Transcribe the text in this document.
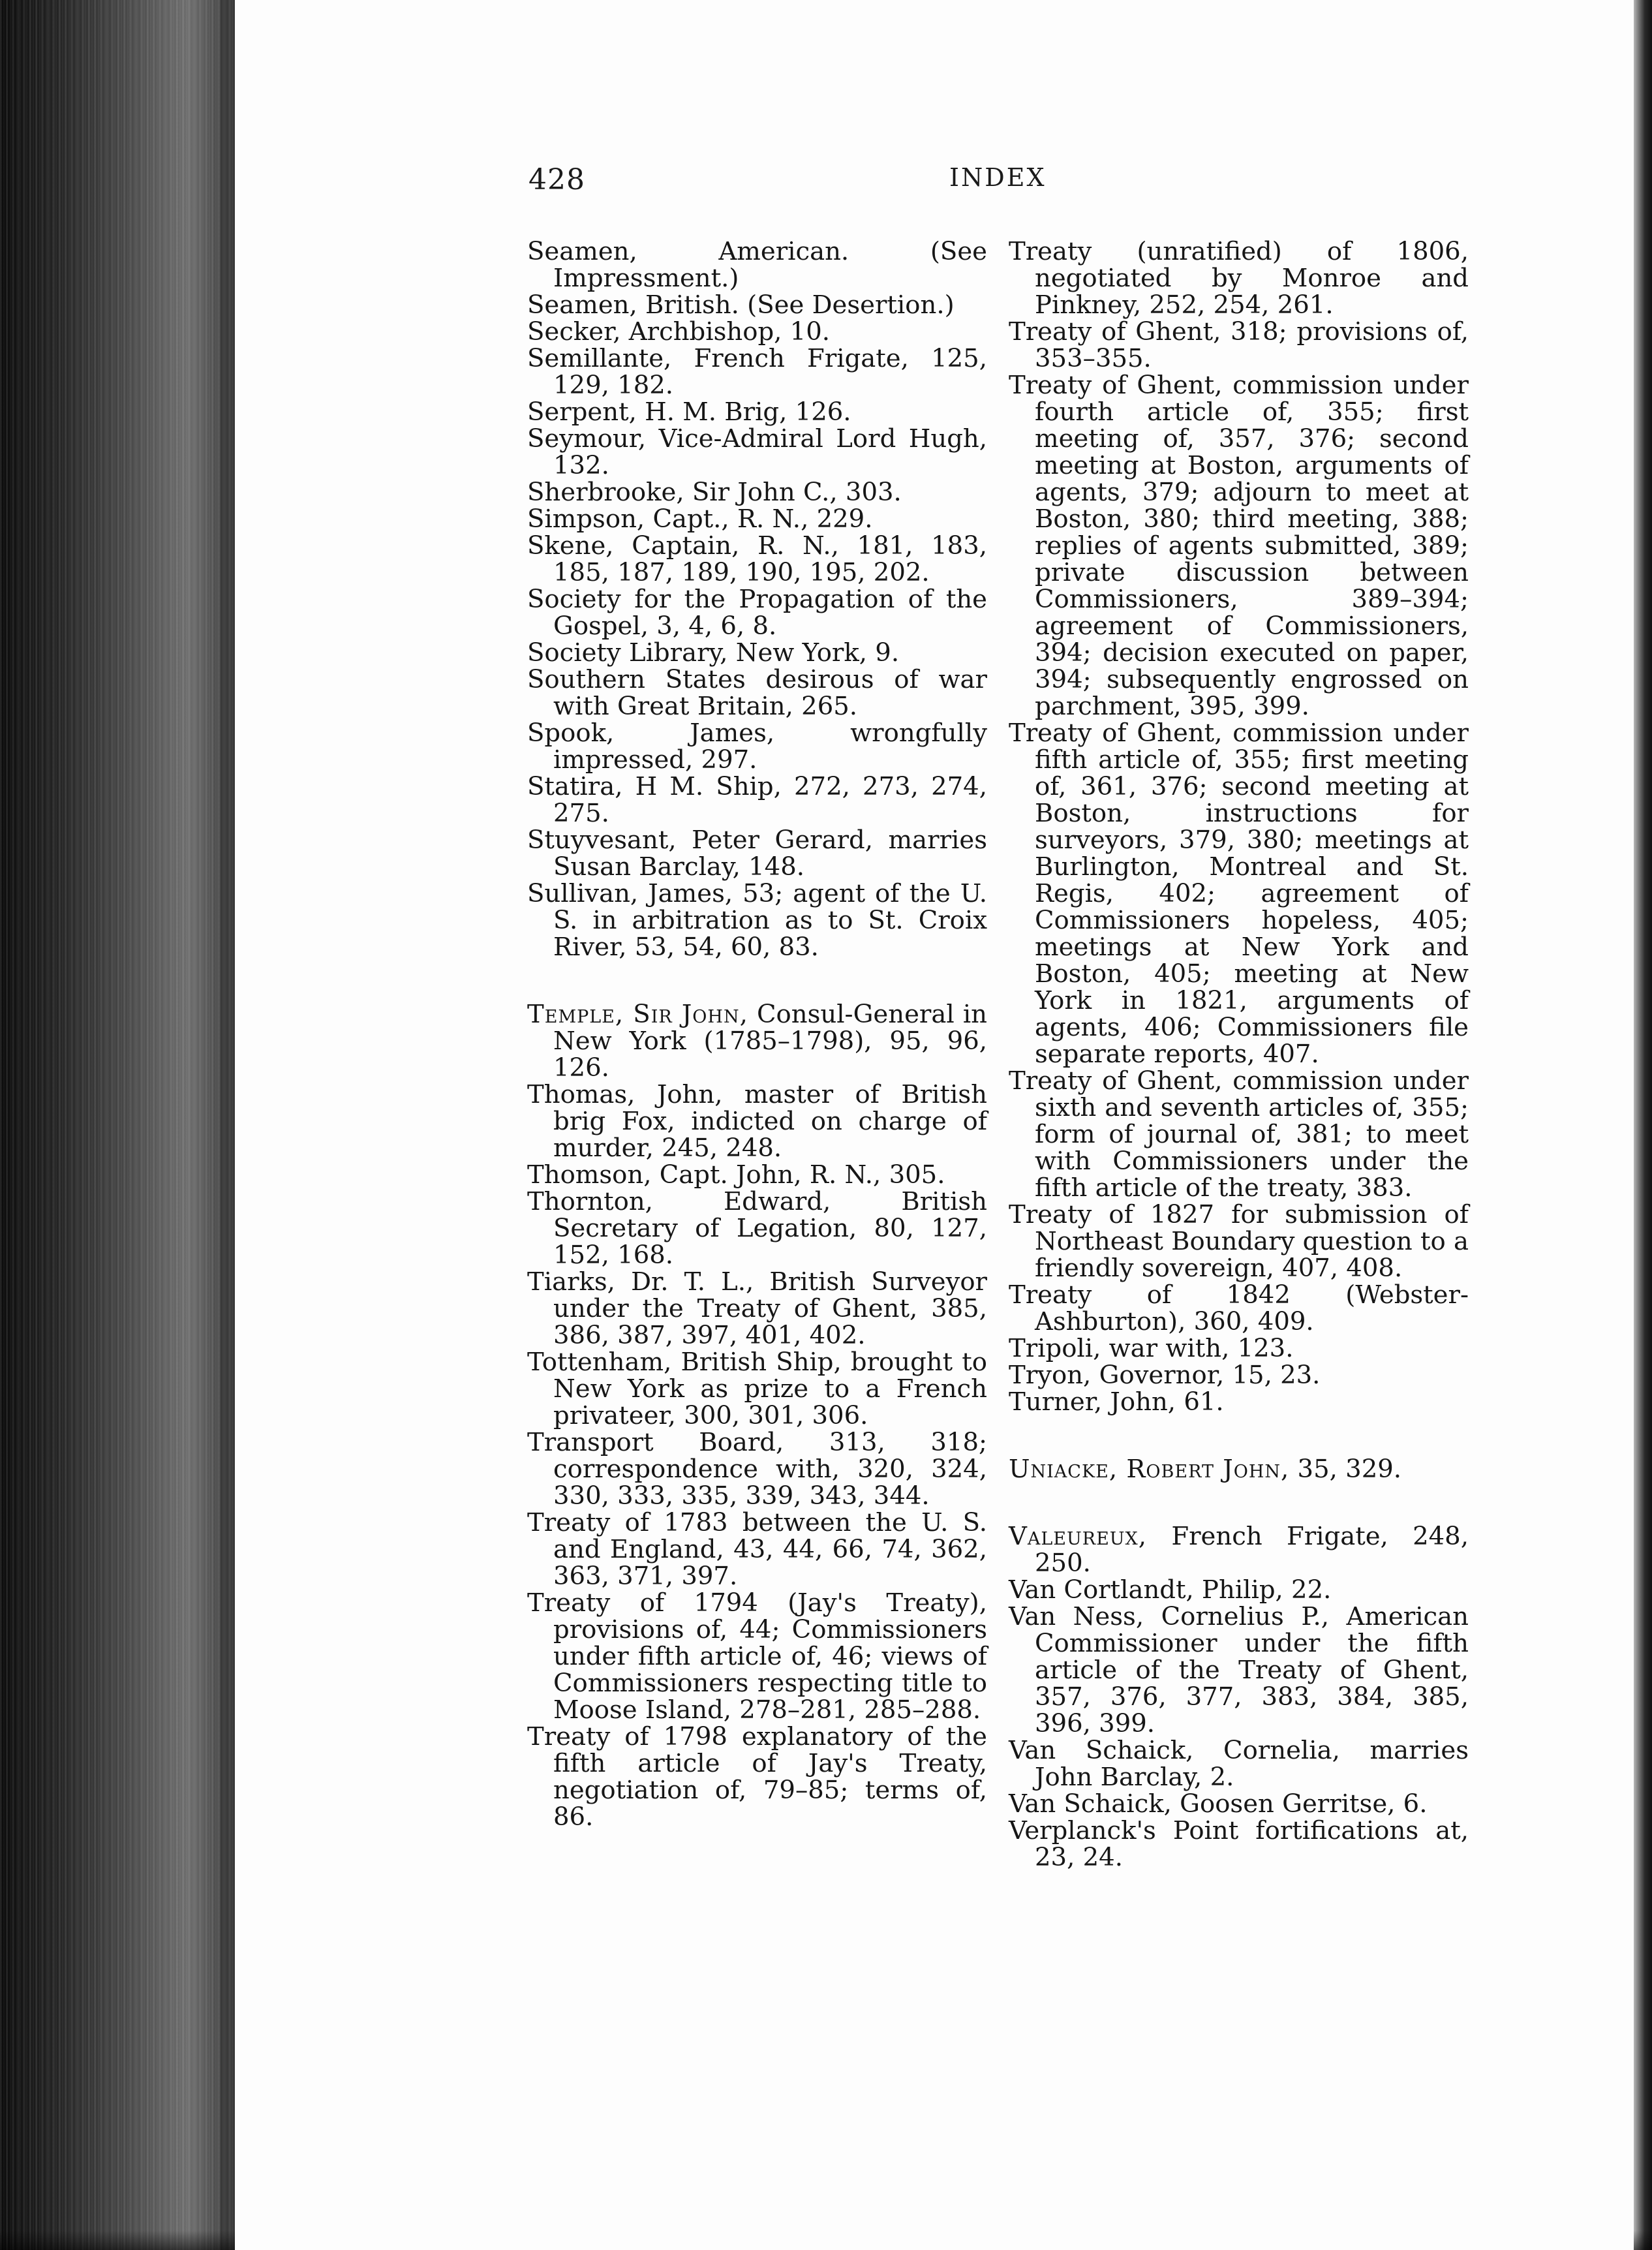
428	INDEX

Seamen, American. (See Impressment.)

Seamen, British. (See Desertion.)

Secker, Archbishop, 10.

Semillante, French Frigate, 125, 129, 182.

Serpent, H. M. Brig, 126.

Seymour, Vice-Admiral Lord Hugh, 132.

Sherbrooke, Sir John C., 303.

Simpson, Capt., R. N., 229.

Skene, Captain, R. N., 181, 183, 185, 187, 189, 190, 195, 202.

Society for the Propagation of the Gospel, 3, 4, 6, 8.

Society Library, New York, 9.

Southern States desirous of war with Great Britain, 265.

Spook, James, wrongfully impressed, 297.

Statira, H M. Ship, 272, 273, 274, 275.

Stuyvesant, Peter Gerard, marries Susan Barclay, 148.

Sullivan, James, 53; agent of the U. S. in arbitration as to St. Croix River, 53, 54, 60, 83.

Temple, Sir John, Consul-General in New York (1785–1798), 95, 96, 126.

Thomas, John, master of British brig Fox, indicted on charge of murder, 245, 248.

Thomson, Capt. John, R. N., 305.

Thornton, Edward, British Secretary of Legation, 80, 127, 152, 168.

Tiarks, Dr. T. L., British Surveyor under the Treaty of Ghent, 385, 386, 387, 397, 401, 402.

Tottenham, British Ship, brought to New York as prize to a French privateer, 300, 301, 306.

Transport Board, 313, 318; correspondence with, 320, 324, 330, 333, 335, 339, 343, 344.

Treaty of 1783 between the U. S. and England, 43, 44, 66, 74, 362, 363, 371, 397.

Treaty of 1794 (Jay's Treaty), provisions of, 44; Commissioners under fifth article of, 46; views of Commissioners respecting title to Moose Island, 278–281, 285–288.

Treaty of 1798 explanatory of the fifth article of Jay's Treaty, negotiation of, 79–85; terms of, 86.

Treaty (unratified) of 1806, negotiated by Monroe and Pinkney, 252, 254, 261.

Treaty of Ghent, 318; provisions of, 353–355.

Treaty of Ghent, commission under fourth article of, 355; first meeting of, 357, 376; second meeting at Boston, arguments of agents, 379; adjourn to meet at Boston, 380; third meeting, 388; replies of agents submitted, 389; private discussion between Commissioners, 389–394; agreement of Commissioners, 394; decision executed on paper, 394; subsequently engrossed on parchment, 395, 399.

Treaty of Ghent, commission under fifth article of, 355; first meeting of, 361, 376; second meeting at Boston, instructions for surveyors, 379, 380; meetings at Burlington, Montreal and St. Regis, 402; agreement of Commissioners hopeless, 405; meetings at New York and Boston, 405; meeting at New York in 1821, arguments of agents, 406; Commissioners file separate reports, 407.

Treaty of Ghent, commission under sixth and seventh articles of, 355; form of journal of, 381; to meet with Commissioners under the fifth article of the treaty, 383.

Treaty of 1827 for submission of Northeast Boundary question to a friendly sovereign, 407, 408.

Treaty of 1842 (Webster-Ashburton), 360, 409.

Tripoli, war with, 123.

Tryon, Governor, 15, 23.

Turner, John, 61.

Uniacke, Robert John, 35, 329.

Valeureux, French Frigate, 248, 250.

Van Cortlandt, Philip, 22.

Van Ness, Cornelius P., American Commissioner under the fifth article of the Treaty of Ghent, 357, 376, 377, 383, 384, 385, 396, 399.

Van Schaick, Cornelia, marries John Barclay, 2.

Van Schaick, Goosen Gerritse, 6.

Verplanck's Point fortifications at, 23, 24.
